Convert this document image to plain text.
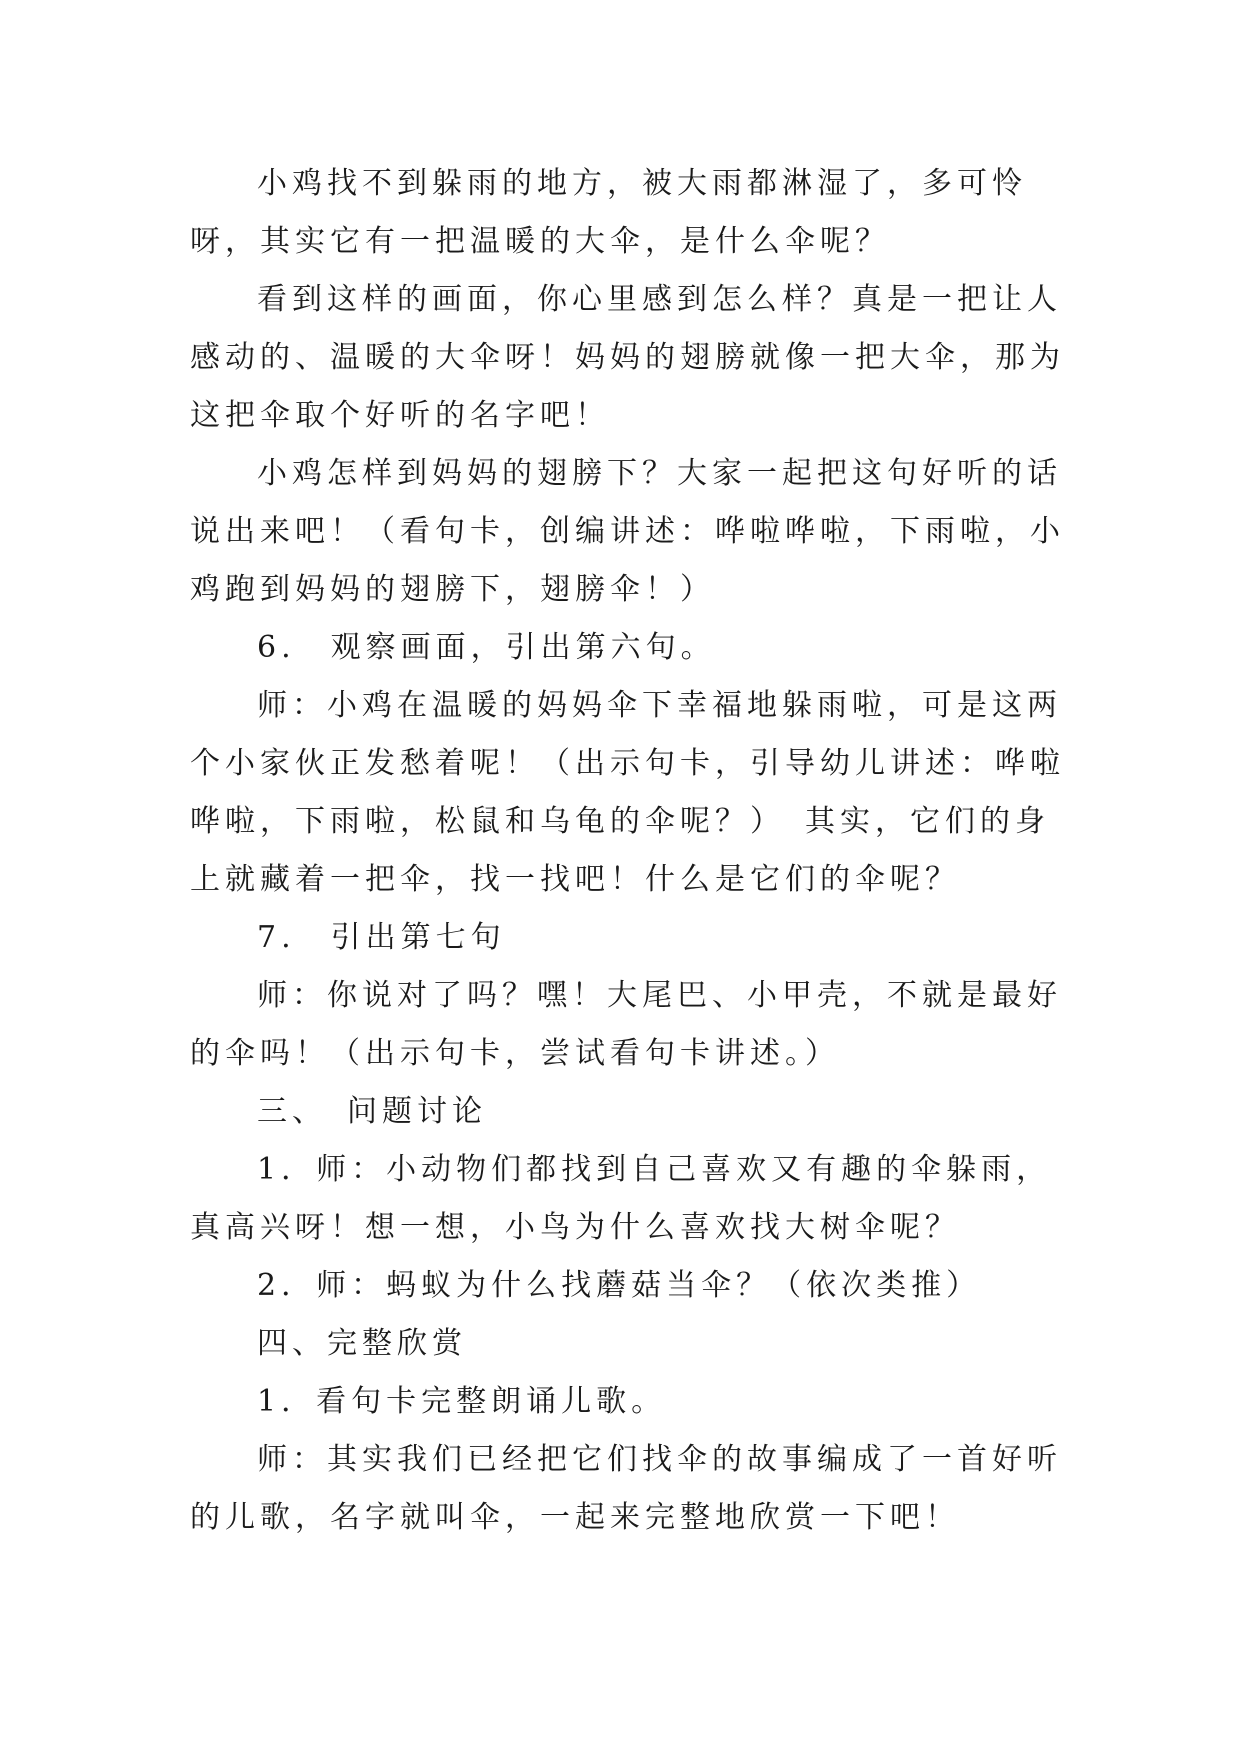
小鸡找不到躲雨的地方，被大雨都淋湿了，多可怜呀，其实它有一把温暖的大伞，是什么伞呢？

看到这样的画面，你心里感到怎么样？真是一把让人感动的、温暖的大伞呀！妈妈的翅膀就像一把大伞，那为这把伞取个好听的名字吧！

小鸡怎样到妈妈的翅膀下？大家一起把这句好听的话说出来吧！（看句卡，创编讲述：哗啦哗啦，下雨啦，小鸡跑到妈妈的翅膀下，翅膀伞！）

6.　观察画面，引出第六句。

师：小鸡在温暖的妈妈伞下幸福地躲雨啦，可是这两个小家伙正发愁着呢！（出示句卡，引导幼儿讲述：哗啦哗啦，下雨啦，松鼠和乌龟的伞呢？）　其实，它们的身上就藏着一把伞，找一找吧！什么是它们的伞呢？

7.　引出第七句

师：你说对了吗？嘿！大尾巴、小甲壳，不就是最好的伞吗！（出示句卡，尝试看句卡讲述。）

三、　问题讨论

1．师：小动物们都找到自己喜欢又有趣的伞躲雨，真高兴呀！想一想，小鸟为什么喜欢找大树伞呢？

2．师：蚂蚁为什么找蘑菇当伞？（依次类推）

四、完整欣赏

1．看句卡完整朗诵儿歌。

师：其实我们已经把它们找伞的故事编成了一首好听的儿歌，名字就叫伞，一起来完整地欣赏一下吧！
